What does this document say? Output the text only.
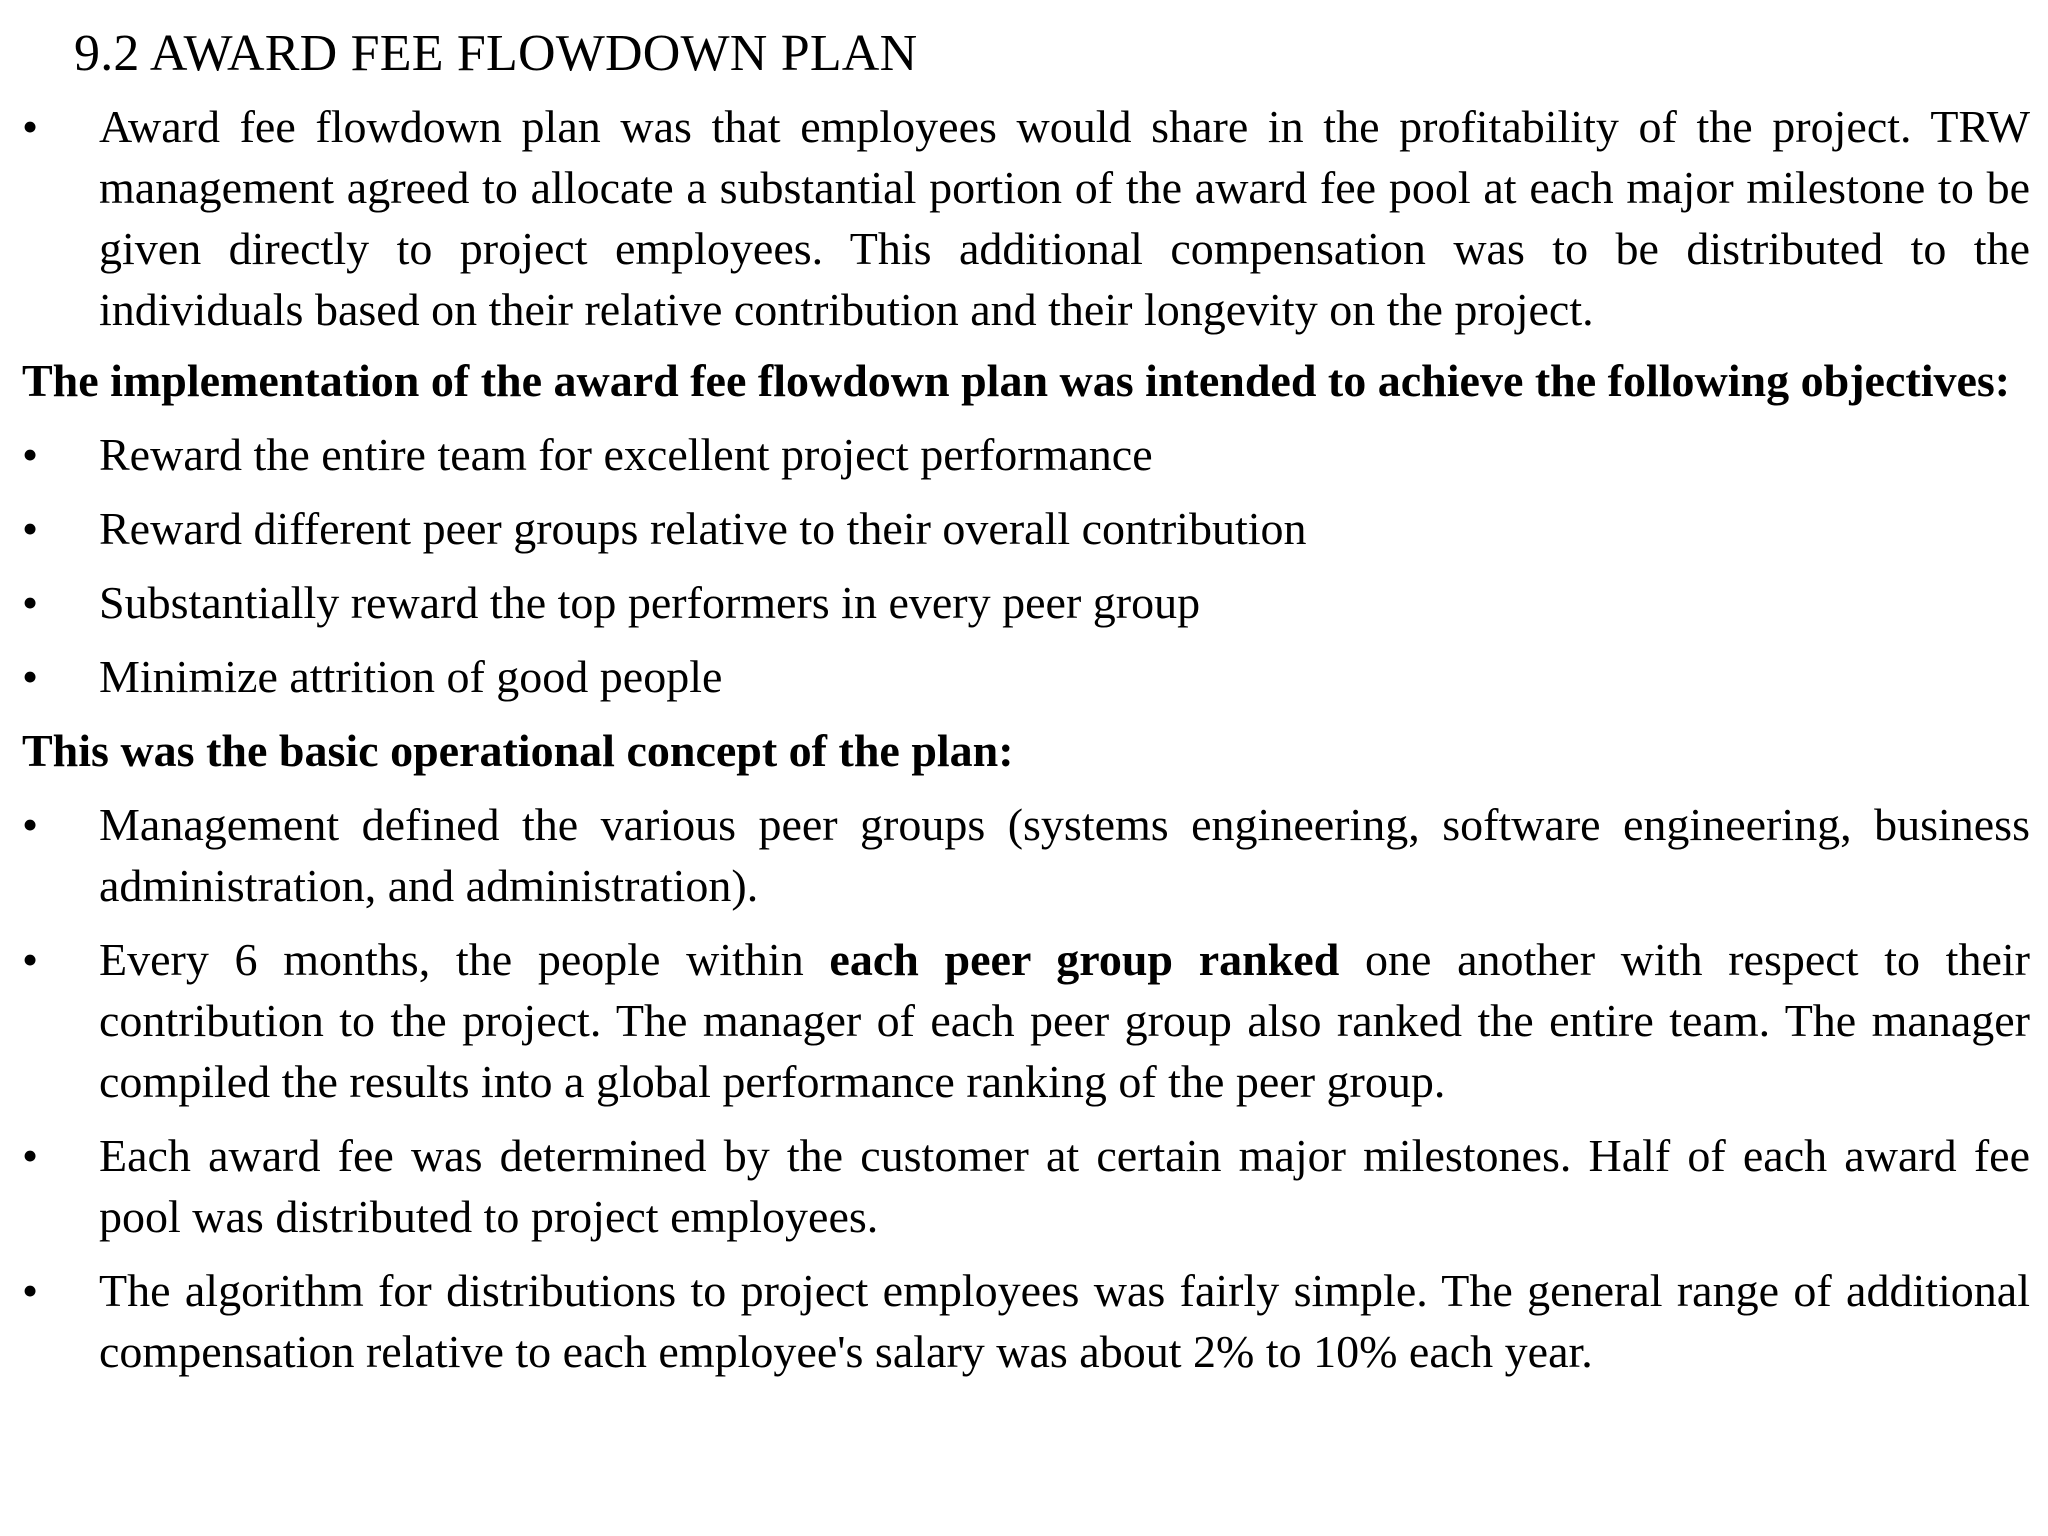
9.2 AWARD FEE FLOWDOWN PLAN
•	Award fee flowdown plan was that employees would share in the profitability of the project. TRW management agreed to allocate a substantial portion of the award fee pool at each major milestone to be given directly to project employees. This additional compensation was to be distributed to the individuals based on their relative contribution and their longevity on the project.

The implementation of the award fee flowdown plan was intended to achieve the following objectives:

•	Reward the entire team for excellent project performance
•	Reward different peer groups relative to their overall contribution
•	Substantially reward the top performers in every peer group
•	Minimize attrition of good people

This was the basic operational concept of the plan:

•	Management defined the various peer groups (systems engineering, software engineering, business administration, and administration).
•	Every 6 months, the people within each peer group ranked one another with respect to their contribution to the project. The manager of each peer group also ranked the entire team. The manager compiled the results into a global performance ranking of the peer group.
•	Each award fee was determined by the customer at certain major milestones. Half of each award fee pool was distributed to project employees.
•	The algorithm for distributions to project employees was fairly simple. The general range of additional compensation relative to each employee's salary was about 2% to 10% each year.
